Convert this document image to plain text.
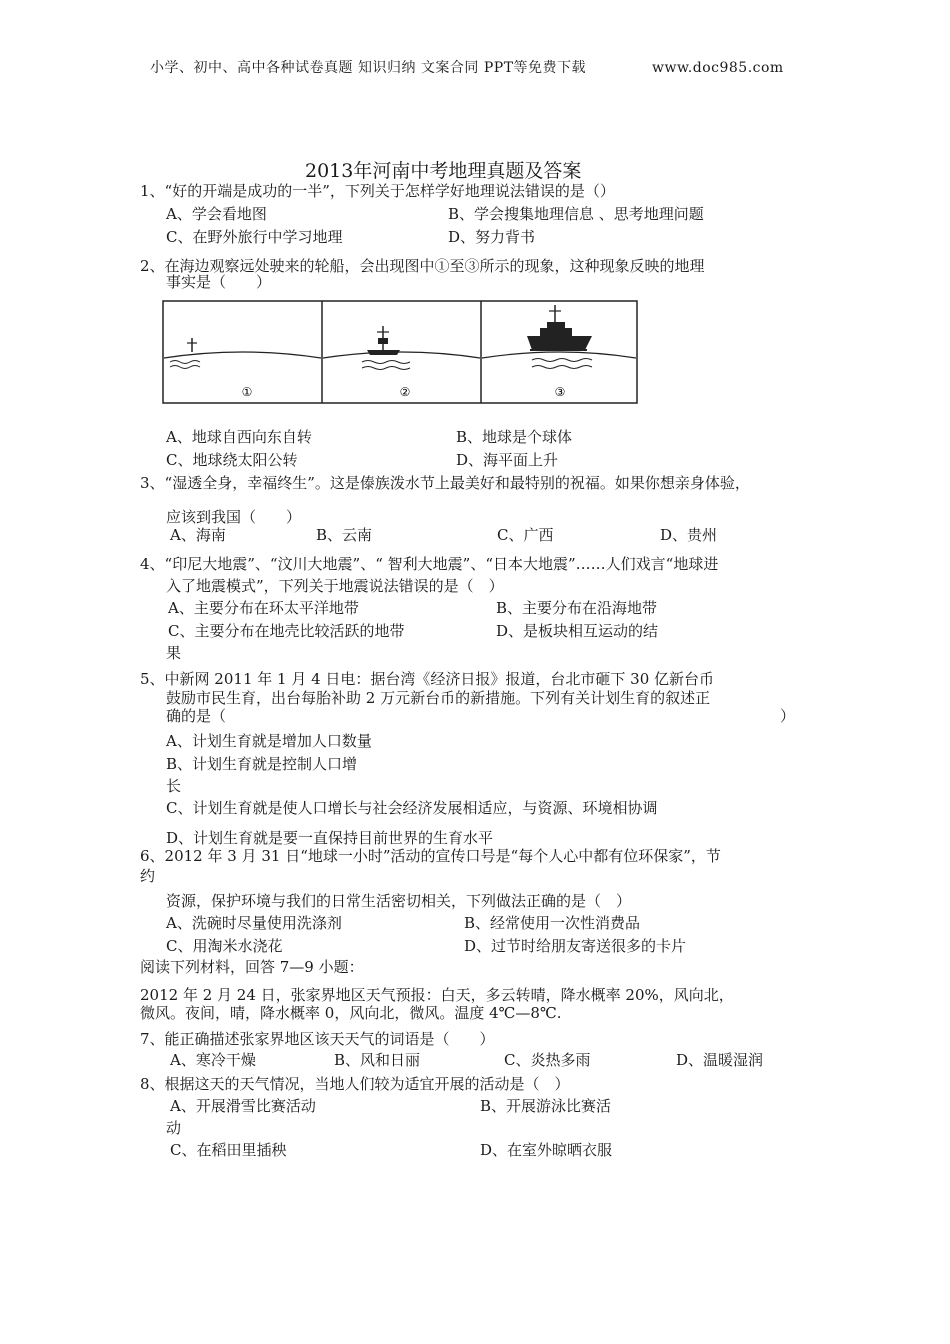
小学、初中、高中各种试卷真题 知识归纳 文案合同 PPT等免费下载	www.doc985.com
2013年河南中考地理真题及答案
1、“好的开端是成功的一半”，下列关于怎样学好地理说法错误的是（）
A、学会看地图	B、学会搜集地理信息 、思考地理问题
C、在野外旅行中学习地理	D、努力背书
2、在海边观察远处驶来的轮船，会出现图中①至③所示的现象，这种现象反映的地理
事实是（　　）
①	②	③
A、地球自西向东自转	B、地球是个球体
C、地球绕太阳公转	D、海平面上升
3、“湿透全身，幸福终生”。这是傣族泼水节上最美好和最特别的祝福。如果你想亲身体验，
应该到我国（　　）
A、海南	B、云南	C、广西	D、贵州
4、“印尼大地震”、“汶川大地震”、“ 智利大地震”、“日本大地震”……人们戏言“地球进
入了地震模式”，下列关于地震说法错误的是（　）
A、主要分布在环太平洋地带	B、主要分布在沿海地带
C、主要分布在地壳比较活跃的地带	D、是板块相互运动的结
果
5、中新网 2011 年 1 月 4 日电：据台湾《经济日报》报道，台北市砸下 30 亿新台币
鼓励市民生育，出台每胎补助 2 万元新台币的新措施。下列有关计划生育的叙述正
确的是（	）
A、计划生育就是增加人口数量
B、计划生育就是控制人口增
长
C、计划生育就是使人口增长与社会经济发展相适应，与资源、环境相协调
D、计划生育就是要一直保持目前世界的生育水平
6、2012 年 3 月 31 日“地球一小时”活动的宣传口号是“每个人心中都有位环保家”，节
约
资源，保护环境与我们的日常生活密切相关，下列做法正确的是（　）
A、洗碗时尽量使用洗涤剂	B、经常使用一次性消费品
C、用淘米水浇花	D、过节时给朋友寄送很多的卡片
阅读下列材料，回答 7—9 小题：
2012 年 2 月 24 日，张家界地区天气预报：白天，多云转晴，降水概率 20%，风向北，
微风。夜间，晴，降水概率 0，风向北，微风。温度 4℃—8℃.
7、能正确描述张家界地区该天天气的词语是（　　）
A、寒冷干燥	B、风和日丽	C、炎热多雨	D、温暖湿润
8、根据这天的天气情况，当地人们较为适宜开展的活动是（　）
A、开展滑雪比赛活动	B、开展游泳比赛活
动
C、在稻田里插秧	D、在室外晾晒衣服
